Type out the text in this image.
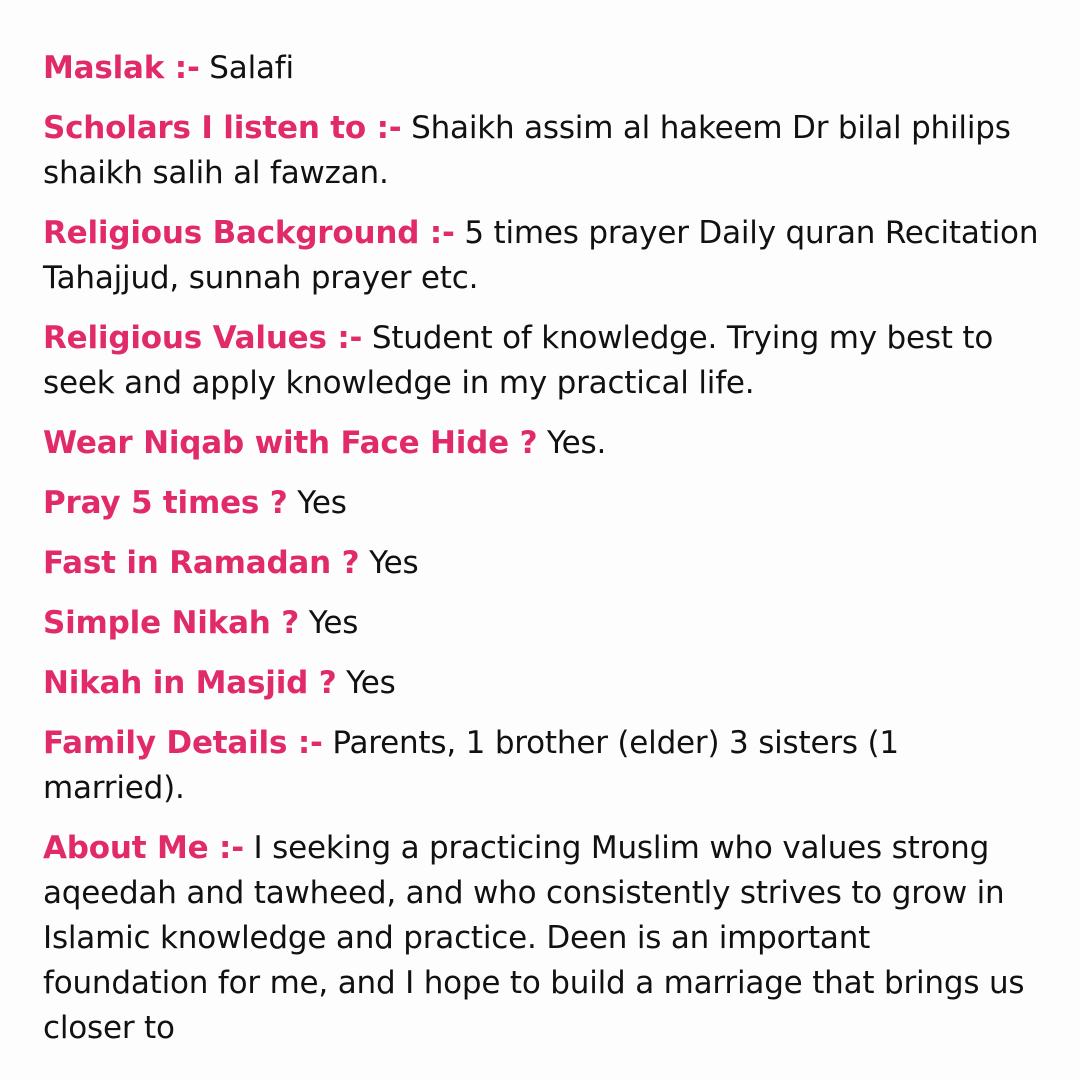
Maslak :- Salafi

Scholars I listen to :- Shaikh assim al hakeem Dr bilal philips shaikh salih al fawzan.

Religious Background :- 5 times prayer Daily quran Recitation Tahajjud, sunnah prayer etc.

Religious Values :- Student of knowledge. Trying my best to seek and apply knowledge in my practical life.

Wear Niqab with Face Hide ? Yes.

Pray 5 times ? Yes

Fast in Ramadan ? Yes

Simple Nikah ? Yes

Nikah in Masjid ? Yes

Family Details :- Parents, 1 brother (elder) 3 sisters (1 married).

About Me :- I seeking a practicing Muslim who values strong aqeedah and tawheed, and who consistently strives to grow in Islamic knowledge and practice. Deen is an important foundation for me, and I hope to build a marriage that brings us closer to
